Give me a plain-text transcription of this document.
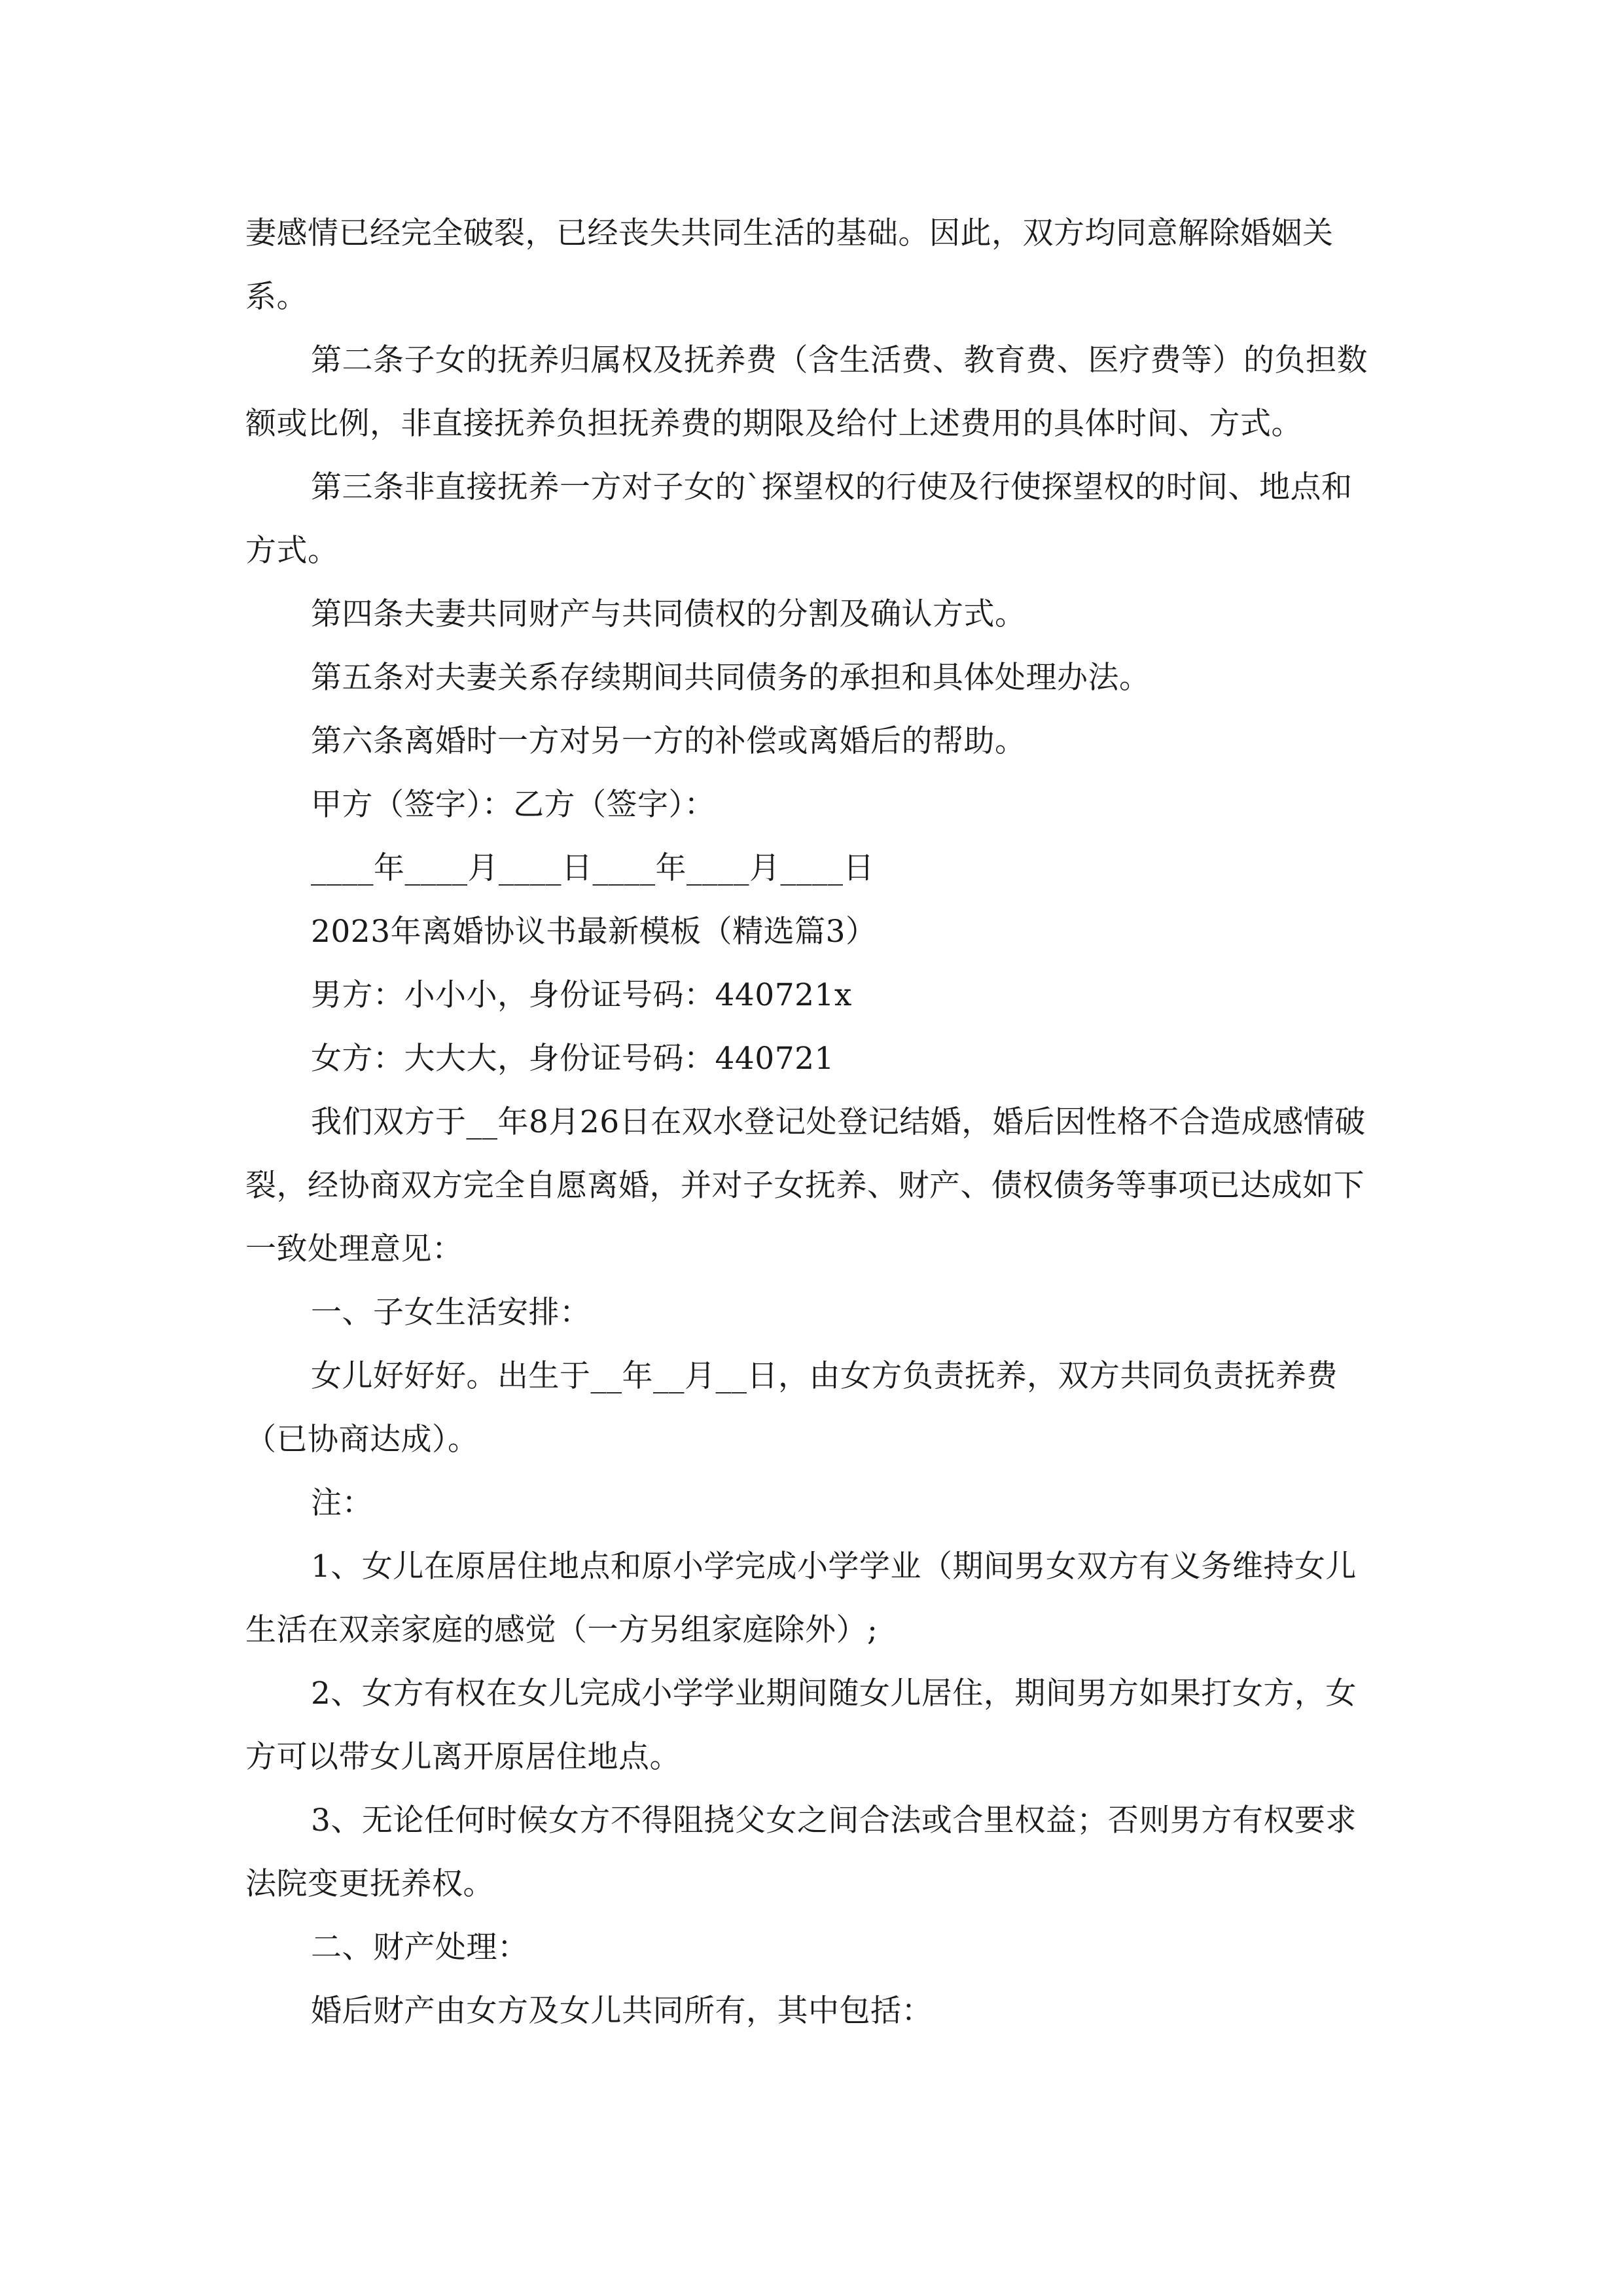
妻感情已经完全破裂，已经丧失共同生活的基础。因此，双方均同意解除婚姻关系。

第二条子女的抚养归属权及抚养费（含生活费、教育费、医疗费等）的负担数额或比例，非直接抚养负担抚养费的期限及给付上述费用的具体时间、方式。

第三条非直接抚养一方对子女的`探望权的行使及行使探望权的时间、地点和方式。

第四条夫妻共同财产与共同债权的分割及确认方式。

第五条对夫妻关系存续期间共同债务的承担和具体处理办法。

第六条离婚时一方对另一方的补偿或离婚后的帮助。

甲方（签字）：乙方（签字）：

____年____月____日____年____月____日

2023年离婚协议书最新模板（精选篇3）

男方：小小小，身份证号码：440721x

女方：大大大，身份证号码：440721

我们双方于__年8月26日在双水登记处登记结婚，婚后因性格不合造成感情破裂，经协商双方完全自愿离婚，并对子女抚养、财产、债权债务等事项已达成如下一致处理意见：

一、子女生活安排：

女儿好好好。出生于__年__月__日，由女方负责抚养，双方共同负责抚养费（已协商达成）。

注：

1、女儿在原居住地点和原小学完成小学学业（期间男女双方有义务维持女儿生活在双亲家庭的感觉（一方另组家庭除外）;

2、女方有权在女儿完成小学学业期间随女儿居住，期间男方如果打女方，女方可以带女儿离开原居住地点。

3、无论任何时候女方不得阻挠父女之间合法或合里权益；否则男方有权要求法院变更抚养权。

二、财产处理：

婚后财产由女方及女儿共同所有，其中包括：
